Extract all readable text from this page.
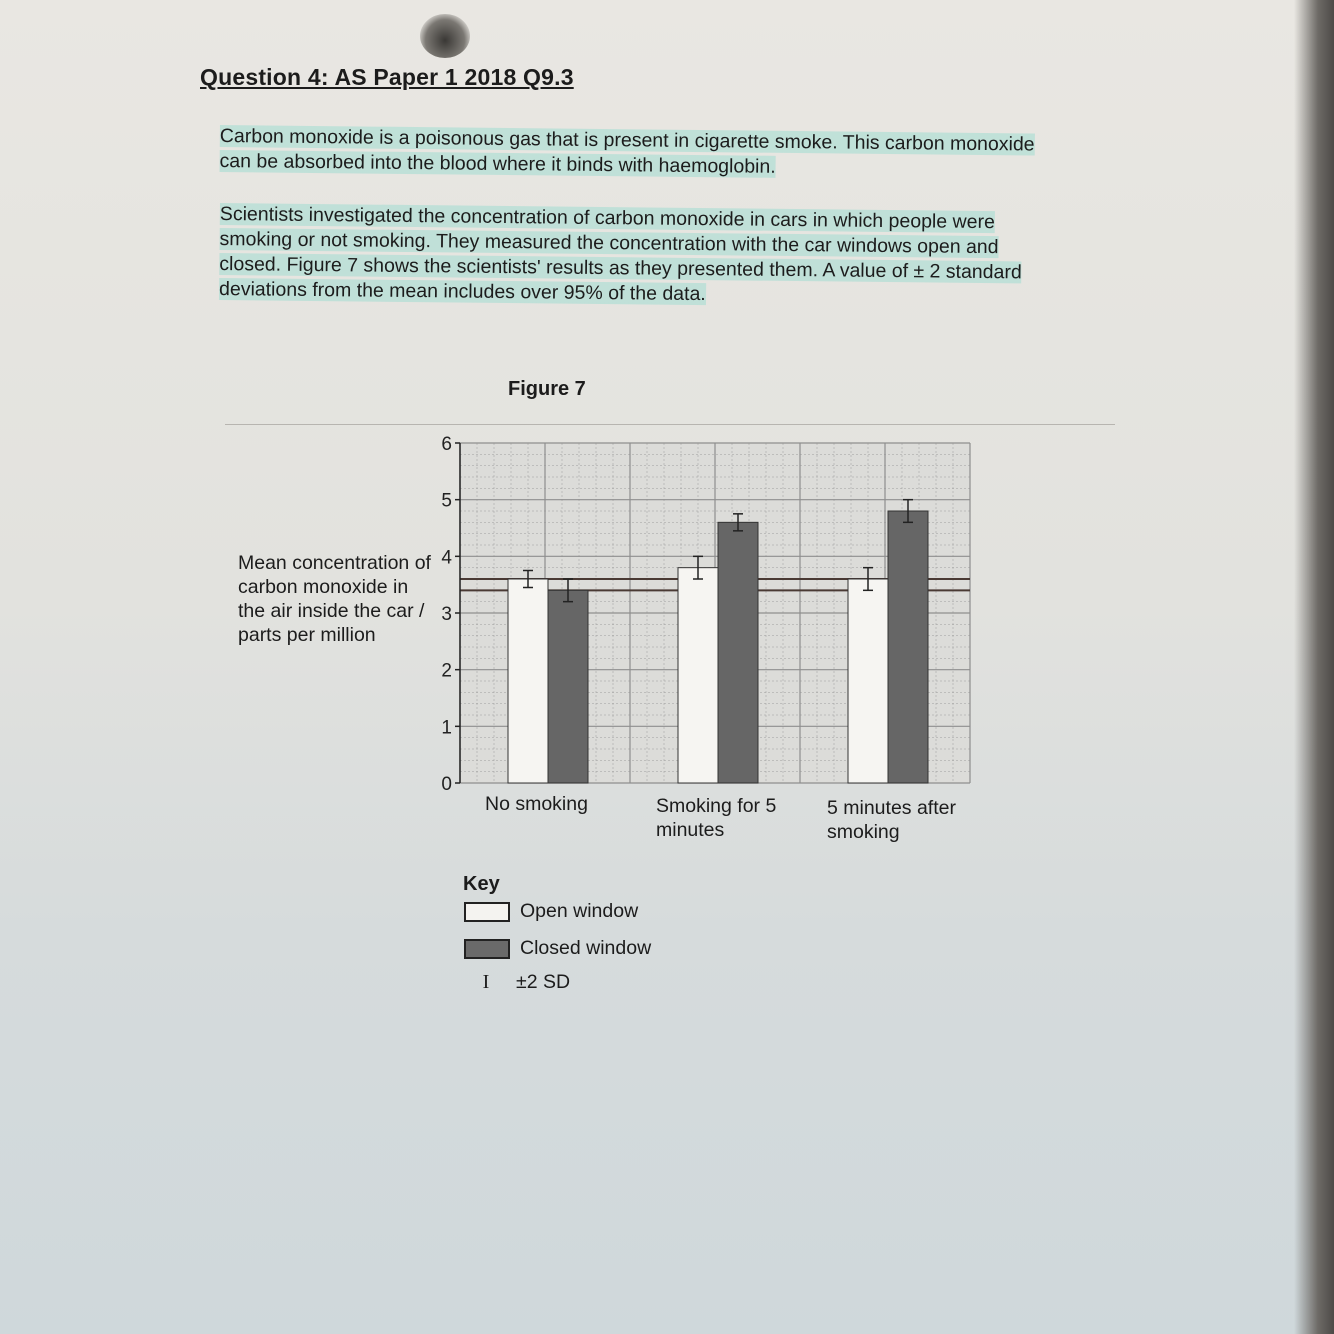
Question 4: AS Paper 1 2018 Q9.3
Carbon monoxide is a poisonous gas that is present in cigarette smoke. This carbon monoxide can be absorbed into the blood where it binds with haemoglobin.
Scientists investigated the concentration of carbon monoxide in cars in which people were smoking or not smoking. They measured the concentration with the car windows open and closed. Figure 7 shows the scientists' results as they presented them. A value of ± 2 standard deviations from the mean includes over 95% of the data.
Figure 7
Mean concentration of carbon monoxide in the air inside the car / parts per million
0
1
2
3
4
5
6
No smoking	Smoking for 5 minutes
5 minutes after smoking
Key
Open window
Closed window
I	±2 SD
